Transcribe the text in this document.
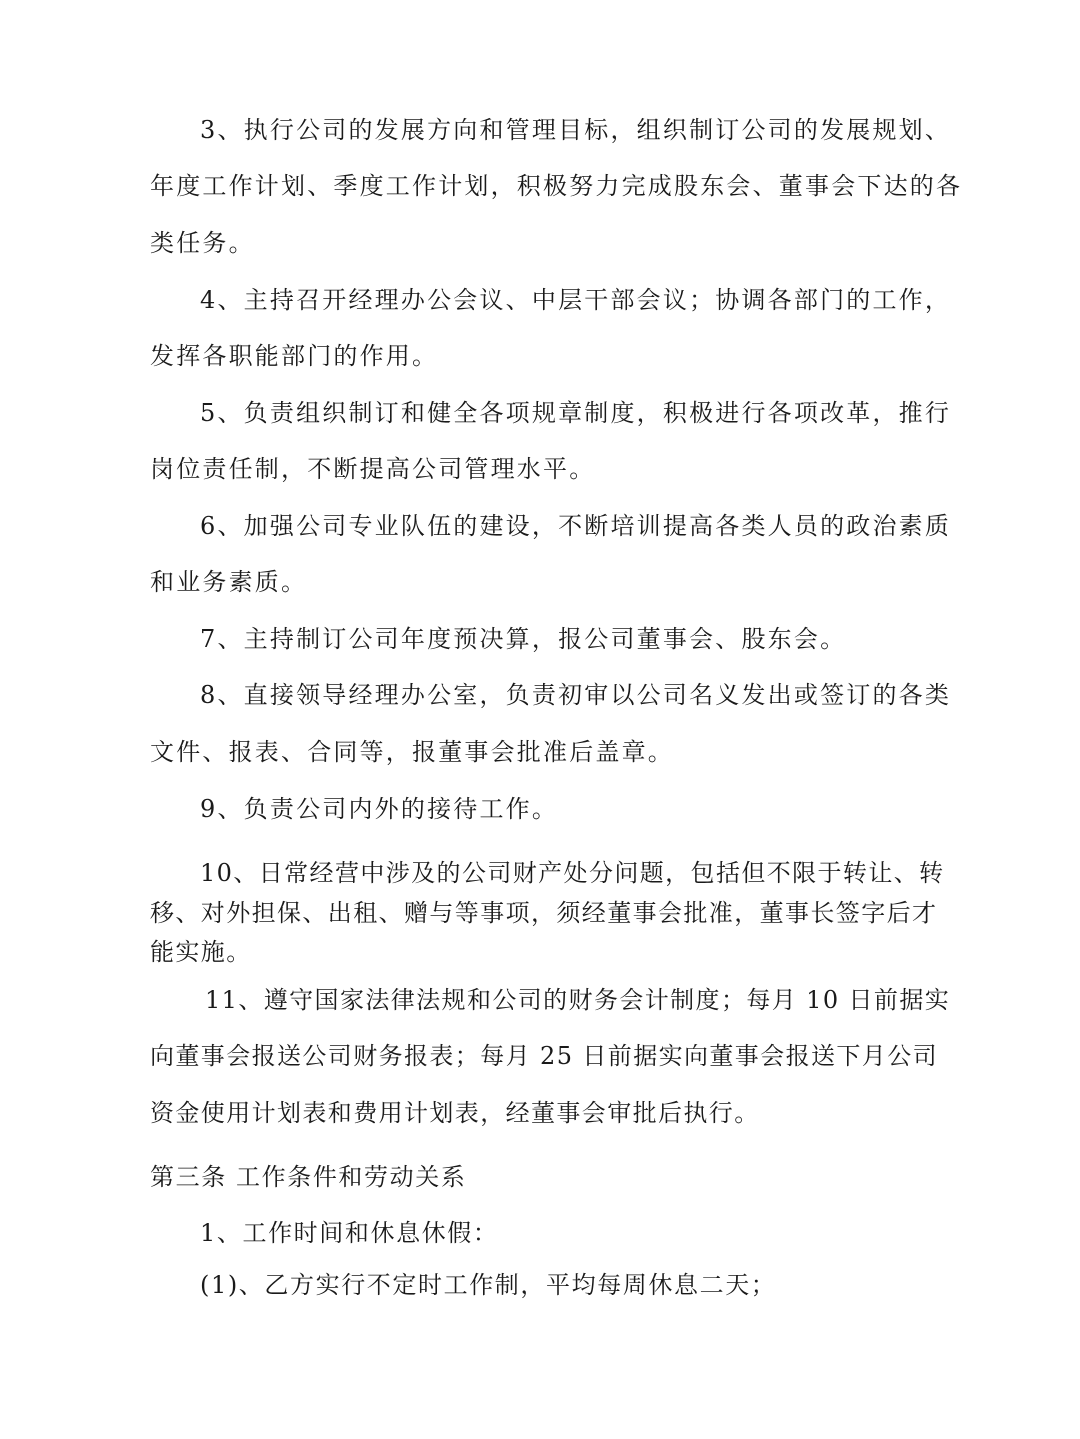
3、执行公司的发展方向和管理目标，组织制订公司的发展规划、
年度工作计划、季度工作计划，积极努力完成股东会、董事会下达的各
类任务。
4、主持召开经理办公会议、中层干部会议；协调各部门的工作，
发挥各职能部门的作用。
5、负责组织制订和健全各项规章制度，积极进行各项改革，推行
岗位责任制，不断提高公司管理水平。
6、加强公司专业队伍的建设，不断培训提高各类人员的政治素质
和业务素质。
7、主持制订公司年度预决算，报公司董事会、股东会。
8、直接领导经理办公室，负责初审以公司名义发出或签订的各类
文件、报表、合同等，报董事会批准后盖章。
9、负责公司内外的接待工作。
10、日常经营中涉及的公司财产处分问题，包括但不限于转让、转
移、对外担保、出租、赠与等事项，须经董事会批准，董事长签字后才
能实施。
11、遵守国家法律法规和公司的财务会计制度；每月 10 日前据实
向董事会报送公司财务报表；每月 25 日前据实向董事会报送下月公司
资金使用计划表和费用计划表，经董事会审批后执行。
第三条 工作条件和劳动关系
1、工作时间和休息休假：
(1)、乙方实行不定时工作制，平均每周休息二天；
